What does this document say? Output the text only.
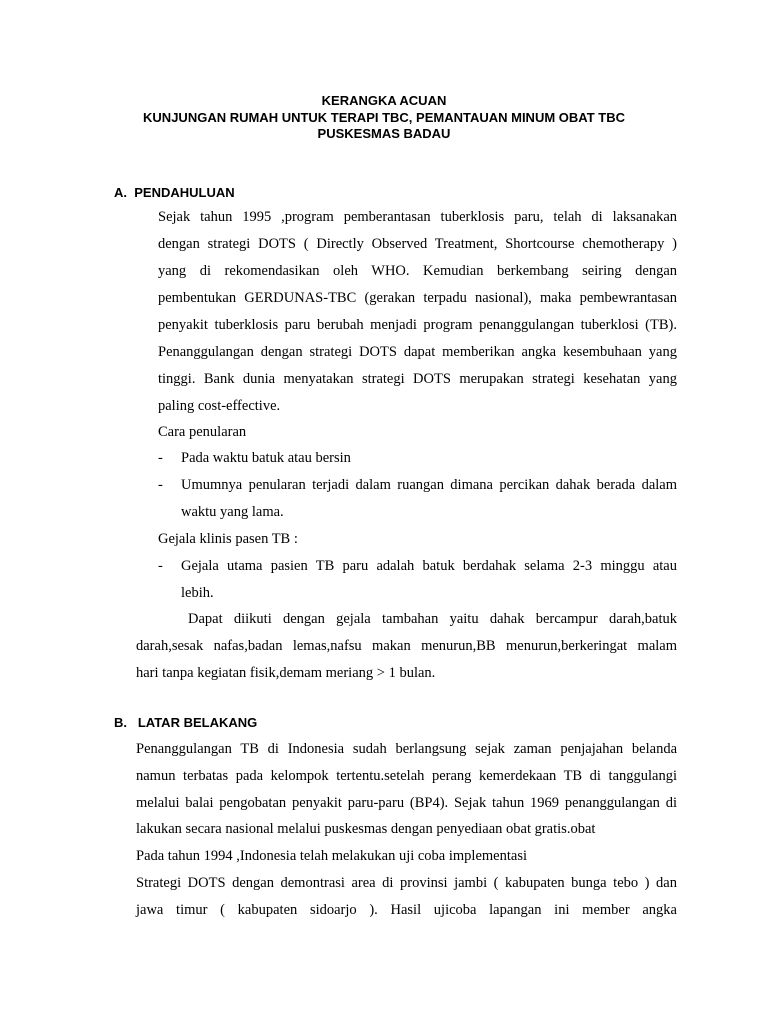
KERANGKA ACUAN
KUNJUNGAN RUMAH UNTUK TERAPI TBC, PEMANTAUAN MINUM OBAT TBC
PUSKESMAS BADAU
A.  PENDAHULUAN
Sejak tahun 1995 ,program pemberantasan tuberklosis paru, telah di laksanakan
dengan strategi DOTS ( Directly Observed Treatment, Shortcourse chemotherapy )
yang di rekomendasikan oleh WHO. Kemudian berkembang seiring dengan
pembentukan GERDUNAS-TBC (gerakan terpadu nasional), maka pembewrantasan
penyakit tuberklosis paru berubah menjadi program penanggulangan tuberklosi (TB).
Penanggulangan dengan strategi DOTS dapat memberikan angka kesembuhaan yang
tinggi. Bank dunia menyatakan strategi DOTS merupakan strategi kesehatan yang
paling cost-effective.
Cara penularan
- Pada waktu batuk atau bersin
- Umumnya penularan terjadi dalam ruangan dimana percikan dahak berada dalam
waktu yang lama.
Gejala klinis pasen TB :
- Gejala utama pasien TB paru adalah batuk berdahak selama 2-3 minggu atau
lebih.
Dapat diikuti dengan gejala tambahan yaitu dahak bercampur darah,batuk
darah,sesak nafas,badan lemas,nafsu makan menurun,BB menurun,berkeringat malam
hari tanpa kegiatan fisik,demam meriang > 1 bulan.
B.   LATAR BELAKANG
Penanggulangan TB di Indonesia sudah berlangsung sejak zaman penjajahan belanda
namun terbatas pada kelompok tertentu.setelah perang kemerdekaan TB di tanggulangi
melalui balai pengobatan penyakit paru-paru (BP4). Sejak tahun 1969 penanggulangan di
lakukan secara nasional melalui puskesmas dengan penyediaan obat gratis.obat
Pada tahun 1994 ,Indonesia telah melakukan uji coba implementasi
Strategi DOTS dengan demontrasi area di provinsi jambi ( kabupaten bunga tebo ) dan
jawa timur ( kabupaten sidoarjo ). Hasil ujicoba lapangan ini member angka
